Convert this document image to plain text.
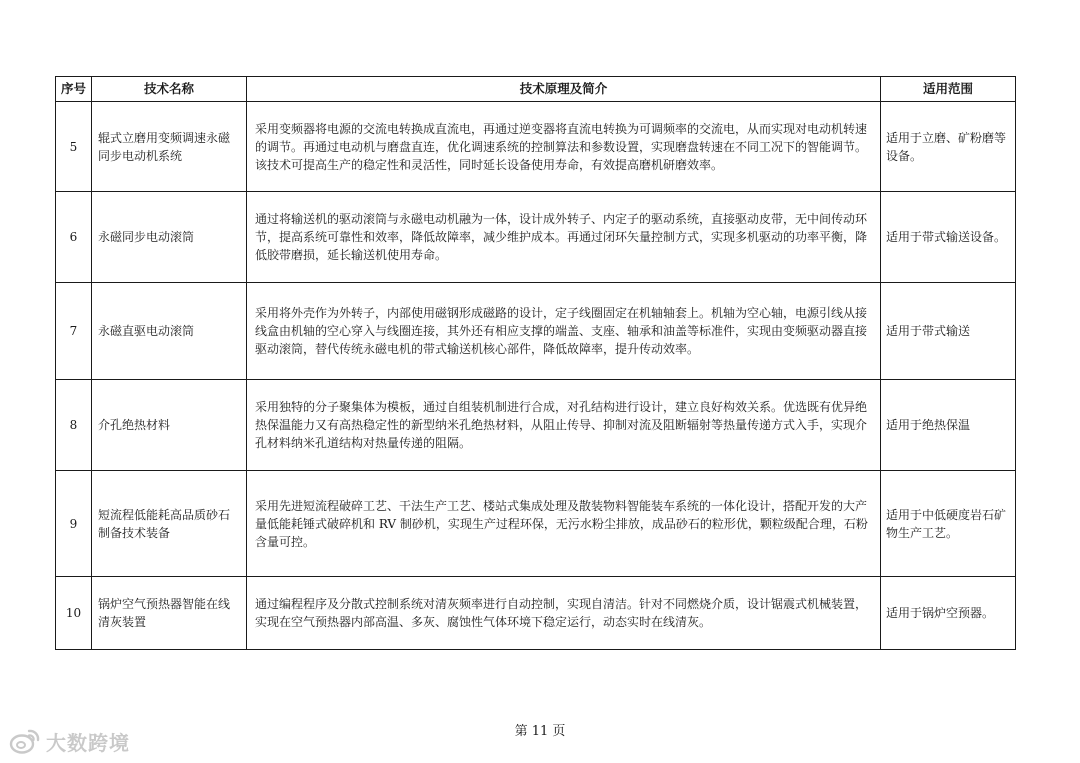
序号	技术名称	技术原理及简介	适用范围
5	辊式立磨用变频调速永磁同步电动机系统	采用变频器将电源的交流电转换成直流电，再通过逆变器将直流电转换为可调频率的交流电，从而实现对电动机转速的调节。再通过电动机与磨盘直连，优化调速系统的控制算法和参数设置，实现磨盘转速在不同工况下的智能调节。该技术可提高生产的稳定性和灵活性，同时延长设备使用寿命，有效提高磨机研磨效率。	适用于立磨、矿粉磨等设备。
6	永磁同步电动滚筒	通过将输送机的驱动滚筒与永磁电动机融为一体，设计成外转子、内定子的驱动系统，直接驱动皮带，无中间传动环节，提高系统可靠性和效率，降低故障率，减少维护成本。再通过闭环矢量控制方式，实现多机驱动的功率平衡，降低胶带磨损，延长输送机使用寿命。	适用于带式输送设备。
7	永磁直驱电动滚筒	采用将外壳作为外转子，内部使用磁钢形成磁路的设计，定子线圈固定在机轴轴套上。机轴为空心轴，电源引线从接线盒由机轴的空心穿入与线圈连接，其外还有相应支撑的端盖、支座、轴承和油盖等标准件，实现由变频驱动器直接驱动滚筒，替代传统永磁电机的带式输送机核心部件，降低故障率，提升传动效率。	适用于带式输送
8	介孔绝热材料	采用独特的分子聚集体为模板，通过自组装机制进行合成，对孔结构进行设计，建立良好构效关系。优选既有优异绝热保温能力又有高热稳定性的新型纳米孔绝热材料，从阻止传导、抑制对流及阻断辐射等热量传递方式入手，实现介孔材料纳米孔道结构对热量传递的阻隔。	适用于绝热保温
9	短流程低能耗高品质砂石制备技术装备	采用先进短流程破碎工艺、干法生产工艺、楼站式集成处理及散装物料智能装车系统的一体化设计，搭配开发的大产量低能耗锤式破碎机和 RV 制砂机，实现生产过程环保，无污水粉尘排放，成品砂石的粒形优，颗粒级配合理，石粉含量可控。	适用于中低硬度岩石矿物生产工艺。
10	锅炉空气预热器智能在线清灰装置	通过编程程序及分散式控制系统对清灰频率进行自动控制，实现自清洁。针对不同燃烧介质，设计锯震式机械装置，实现在空气预热器内部高温、多灰、腐蚀性气体环境下稳定运行，动态实时在线清灰。	适用于锅炉空预器。
第 11 页
大数跨境
